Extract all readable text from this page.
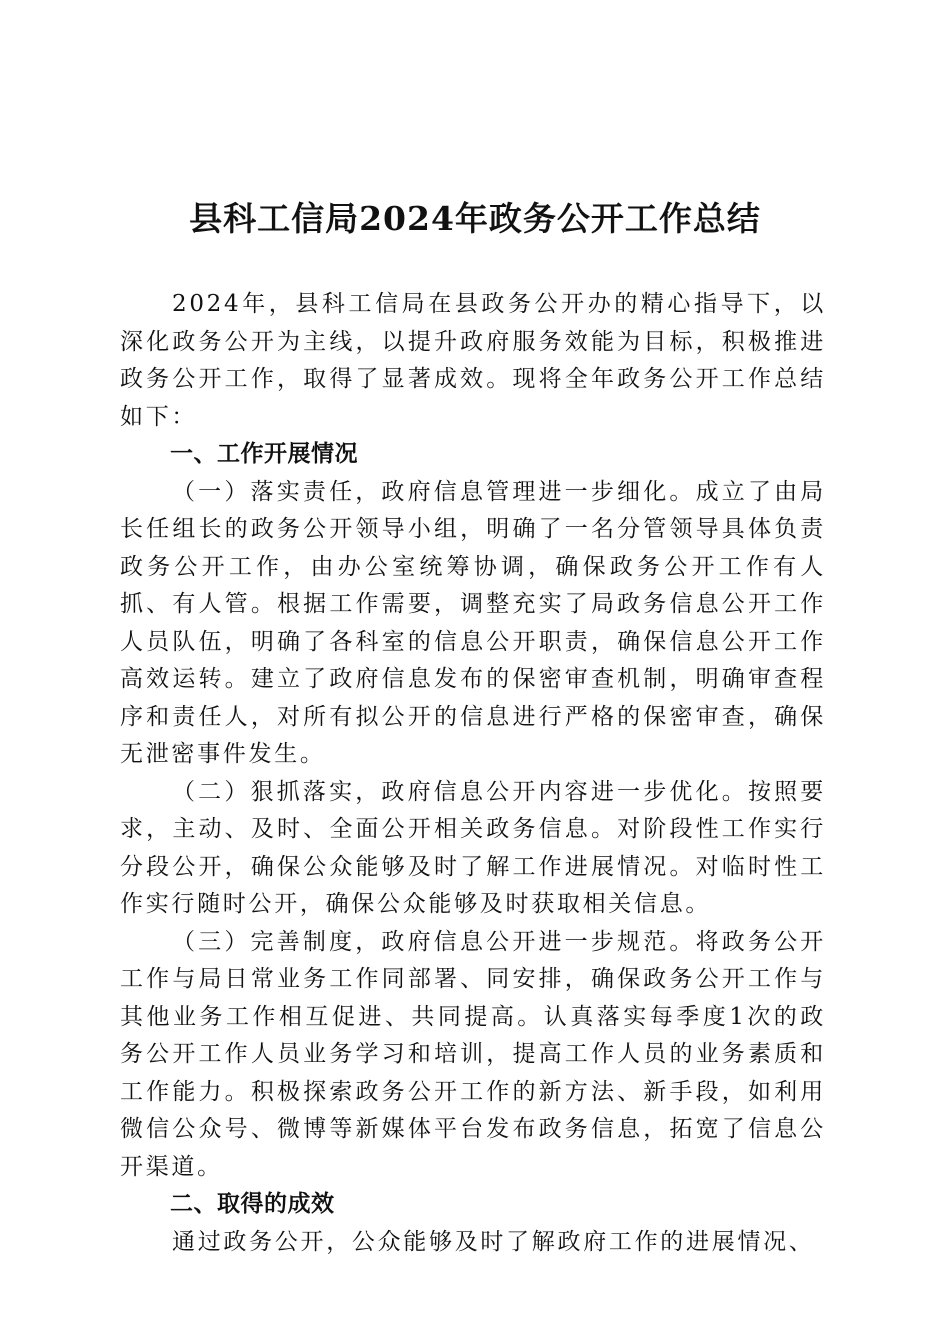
县科工信局2024年政务公开工作总结

2024年，县科工信局在县政务公开办的精心指导下，以深化政务公开为主线，以提升政府服务效能为目标，积极推进政务公开工作，取得了显著成效。现将全年政务公开工作总结如下：

一、工作开展情况

（一）落实责任，政府信息管理进一步细化。成立了由局长任组长的政务公开领导小组，明确了一名分管领导具体负责政务公开工作，由办公室统筹协调，确保政务公开工作有人抓、有人管。根据工作需要，调整充实了局政务信息公开工作人员队伍，明确了各科室的信息公开职责，确保信息公开工作高效运转。建立了政府信息发布的保密审查机制，明确审查程序和责任人，对所有拟公开的信息进行严格的保密审查，确保无泄密事件发生。

（二）狠抓落实，政府信息公开内容进一步优化。按照要求，主动、及时、全面公开相关政务信息。对阶段性工作实行分段公开，确保公众能够及时了解工作进展情况。对临时性工作实行随时公开，确保公众能够及时获取相关信息。

（三）完善制度，政府信息公开进一步规范。将政务公开工作与局日常业务工作同部署、同安排，确保政务公开工作与其他业务工作相互促进、共同提高。认真落实每季度1次的政务公开工作人员业务学习和培训，提高工作人员的业务素质和工作能力。积极探索政务公开工作的新方法、新手段，如利用微信公众号、微博等新媒体平台发布政务信息，拓宽了信息公开渠道。

二、取得的成效

通过政务公开，公众能够及时了解政府工作的进展情况、
